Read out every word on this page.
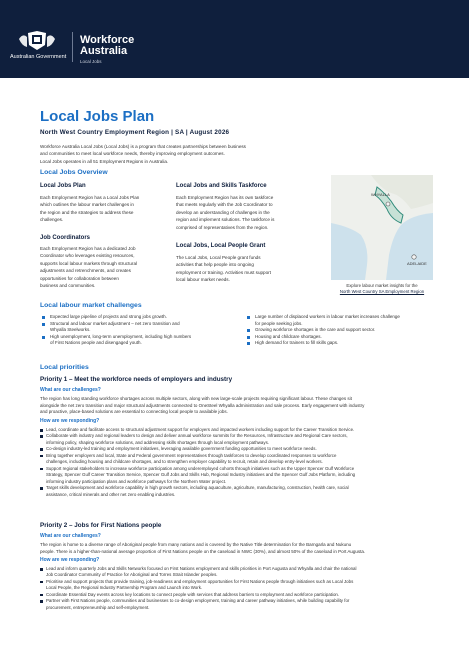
Australian Government
Workforce
Australia
Local Jobs
Local Jobs Plan
North West Country Employment Region | SA | August 2026
Workforce Australia Local Jobs (Local Jobs) is a program that creates partnerships between business
and communities to meet local workforce needs, thereby improving employment outcomes.
Local Jobs operates in all 51 Employment Regions in Australia.
Local Jobs Overview
Local Jobs Plan
Each Employment Region has a Local Jobs Plan
which outlines the labour market challenges in
the region and the strategies to address these
challenges.
Job Coordinators
Each Employment Region has a dedicated Job
Coordinator who leverages existing resources,
supports local labour markets through structural
adjustments and retrenchments, and creates
opportunities for collaboration between
business and communities.
Local Jobs and Skills Taskforce
Each Employment Region has its own taskforce
that meets regularly with the Job Coordinator to
develop an understanding of challenges in the
region and implement solutions. The taskforce is
comprised of representatives from the region.
Local Jobs, Local People Grant
The Local Jobs, Local People grant funds
activities that help people into ongoing
employment or training. Activities must support
local labour market needs.
WHYALLA
ADELAIDE
Explore labour market insights for the
North West Country SA Employment Region
Local labour market challenges
Expected large pipeline of projects and strong jobs growth.
Structural and labour market adjustment – net zero transition and
Whyalla Steelworks.
High unemployment, long-term unemployment, including high numbers
of First Nations people and disengaged youth.
Large number of displaced workers in labour market increases challenge
for people seeking jobs.
Growing workforce shortages in the care and support sector.
Housing and childcare shortages.
High demand for trainers to fill skills gaps.
Local priorities
Priority 1 – Meet the workforce needs of employers and industry
What are our challenges?
The region has long standing workforce shortages across multiple sectors, along with new large-scale projects requiring significant labour. These changes sit
alongside the net zero transition and major structural adjustments connected to OneSteel Whyalla administration and sale process. Early engagement with industry
and proactive, place-based solutions are essential to connecting local people to available jobs.
How are we responding?
Lead, coordinate and facilitate access to structural adjustment support for employers and impacted workers including support for the Career Transition Service.
Collaborate with industry and regional leaders to design and deliver annual workforce summits for the Resources, Infrastructure and Regional Care sectors,
informing policy, shaping workforce solutions, and addressing skills shortages through local employment pathways.
Co-design industry-led training and employment initiatives, leveraging available government funding opportunities to meet workforce needs.
Bring together employers and local, State and Federal government representatives through taskforces to develop coordinated responses to workforce
challenges, including housing and childcare shortages, and to strengthen employer capability to recruit, retain and develop entry-level workers.
Support regional stakeholders to increase workforce participation among underemployed cohorts through initiatives such as the Upper Spencer Gulf Workforce
Strategy, Spencer Gulf Career Transition Service, Spencer Gulf Jobs and Skills Hub, Regional Industry initiatives and the Spencer Gulf Jobs Platform, including
informing industry participation plans and workforce pathways for the Northern Water project.
Target skills development and workforce capability in high growth sectors, including aquaculture, agriculture, manufacturing, construction, health care, social
assistance, critical minerals and other net zero enabling industries.
Priority 2 – Jobs for First Nations people
What are our challenges?
The region is home to a diverse range of Aboriginal people from many nations and is covered by the Native Title determination for the Barngarla and Nukunu
people. There is a higher-than-national average proportion of First Nations people on the caseload in NWC (30%), and almost 50% of the caseload in Port Augusta.
How are we responding?
Lead and inform quarterly Jobs and Skills Networks focused on First Nations employment and skills priorities in Port Augusta and Whyalla and chair the national
Job Coordinator Community of Practice for Aboriginal and Torres Strait Islander peoples.
Prioritise and support projects that provide training, job-readiness and employment opportunities for First Nations people through initiatives such as Local Jobs
Local People, the Regional Industry Partnership Program and Launch into Work.
Coordinate Essential Day events across key locations to connect people with services that address barriers to employment and workforce participation.
Partner with First Nations people, communities and businesses to co-design employment, training and career pathway initiatives, while building capability for
procurement, entrepreneurship and self-employment.
